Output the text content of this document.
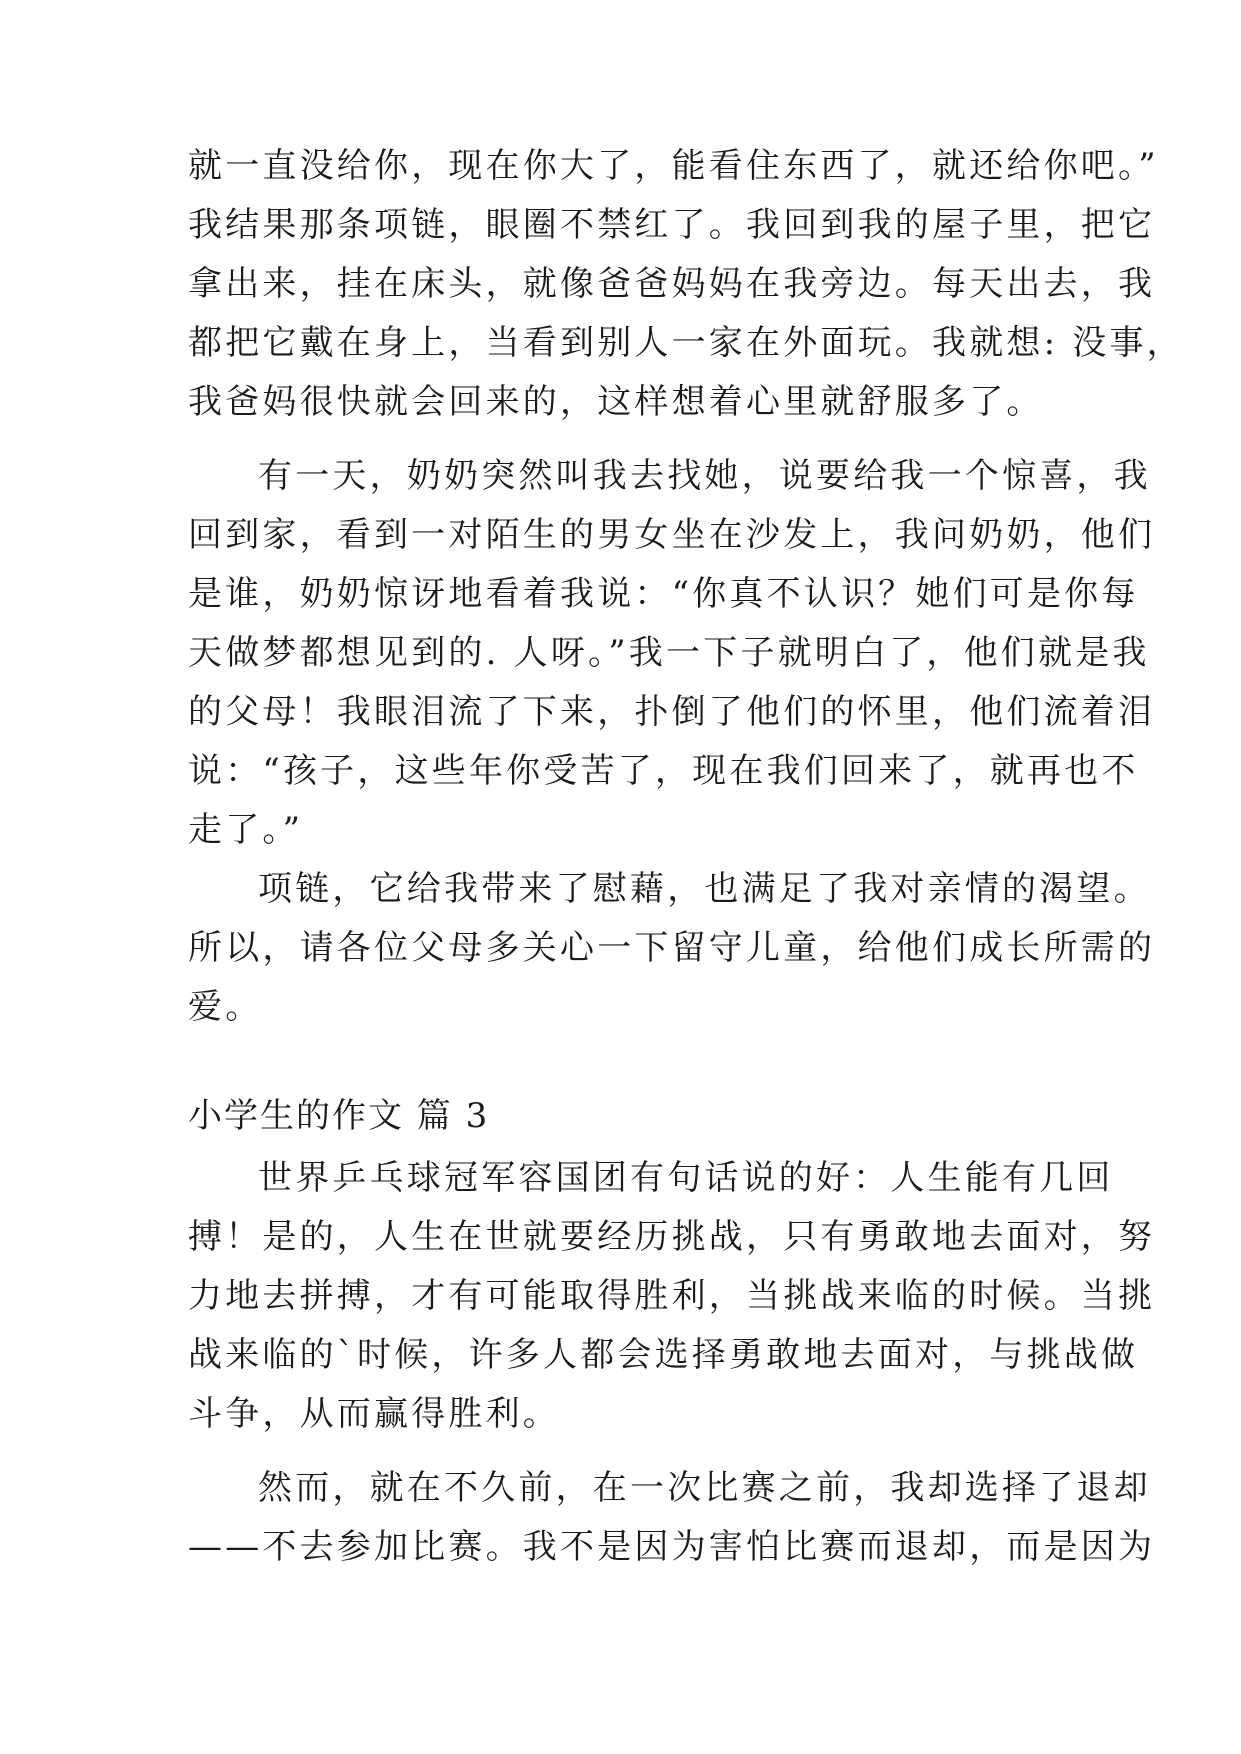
就一直没给你，现在你大了，能看住东西了，就还给你吧。”
我结果那条项链，眼圈不禁红了。我回到我的屋子里，把它
拿出来，挂在床头，就像爸爸妈妈在我旁边。每天出去，我
都把它戴在身上，当看到别人一家在外面玩。我就想: 没事，
我爸妈很快就会回来的，这样想着心里就舒服多了。
有一天，奶奶突然叫我去找她，说要给我一个惊喜，我
回到家，看到一对陌生的男女坐在沙发上，我问奶奶，他们
是谁，奶奶惊讶地看着我说：“你真不认识？她们可是你每
天做梦都想见到的. 人呀。”我一下子就明白了，他们就是我
的父母！我眼泪流了下来，扑倒了他们的怀里，他们流着泪
说：“孩子，这些年你受苦了，现在我们回来了，就再也不
走了。”
项链，它给我带来了慰藉，也满足了我对亲情的渴望。
所以，请各位父母多关心一下留守儿童，给他们成长所需的
爱。
小学生的作文 篇 3
世界乒乓球冠军容国团有句话说的好：人生能有几回
搏！是的，人生在世就要经历挑战，只有勇敢地去面对，努
力地去拼搏，才有可能取得胜利，当挑战来临的时候。当挑
战来临的`时候，许多人都会选择勇敢地去面对，与挑战做
斗争，从而赢得胜利。
然而，就在不久前，在一次比赛之前，我却选择了退却
——不去参加比赛。我不是因为害怕比赛而退却，而是因为
